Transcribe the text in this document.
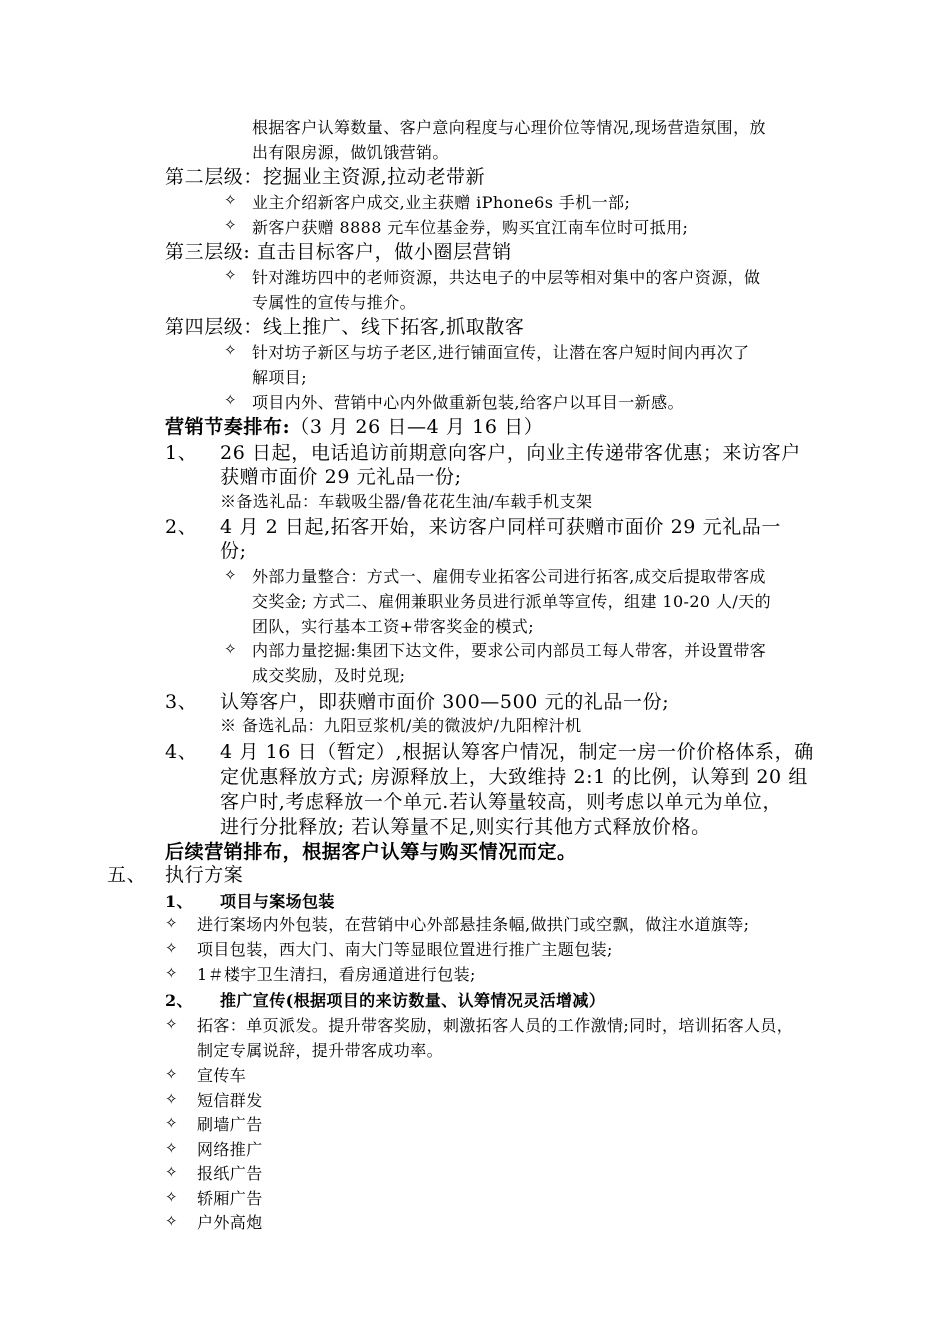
根据客户认筹数量、客户意向程度与心理价位等情况,现场营造氛围，放
出有限房源，做饥饿营销。
第二层级：挖掘业主资源,拉动老带新
✧ 业主介绍新客户成交,业主获赠 iPhone6s 手机一部;
✧ 新客户获赠 8888 元车位基金券，购买宜江南车位时可抵用;
第三层级: 直击目标客户，做小圈层营销
✧ 针对潍坊四中的老师资源，共达电子的中层等相对集中的客户资源，做
专属性的宣传与推介。
第四层级：线上推广、线下拓客,抓取散客
✧ 针对坊子新区与坊子老区,进行铺面宣传，让潜在客户短时间内再次了
解项目;
✧ 项目内外、营销中心内外做重新包装,给客户以耳目一新感。
营销节奏排布:（3 月 26 日—4 月 16 日）
1、 26 日起，电话追访前期意向客户，向业主传递带客优惠；来访客户
获赠市面价 29 元礼品一份;
※备选礼品：车载吸尘器/鲁花花生油/车载手机支架
2、 4 月 2 日起,拓客开始，来访客户同样可获赠市面价 29 元礼品一
份;
✧ 外部力量整合：方式一、雇佣专业拓客公司进行拓客,成交后提取带客成
交奖金; 方式二、雇佣兼职业务员进行派单等宣传，组建 10-20 人/天的
团队，实行基本工资+带客奖金的模式;
✧ 内部力量挖掘:集团下达文件，要求公司内部员工每人带客，并设置带客
成交奖励，及时兑现;
3、 认筹客户，即获赠市面价 300—500 元的礼品一份;
※ 备选礼品：九阳豆浆机/美的微波炉/九阳榨汁机
4、 4 月 16 日（暂定）,根据认筹客户情况，制定一房一价价格体系，确
定优惠释放方式; 房源释放上，大致维持 2:1 的比例，认筹到 20 组
客户时,考虑释放一个单元.若认筹量较高，则考虑以单元为单位，
进行分批释放; 若认筹量不足,则实行其他方式释放价格。
后续营销排布，根据客户认筹与购买情况而定。
五、 执行方案
1、 项目与案场包装
✧ 进行案场内外包装，在营销中心外部悬挂条幅,做拱门或空飘，做注水道旗等;
✧ 项目包装，西大门、南大门等显眼位置进行推广主题包装;
✧ 1＃楼宇卫生清扫，看房通道进行包装;
2、 推广宣传(根据项目的来访数量、认筹情况灵活增减）
✧ 拓客：单页派发。提升带客奖励，刺激拓客人员的工作激情;同时，培训拓客人员，
制定专属说辞，提升带客成功率。
✧ 宣传车
✧ 短信群发
✧ 刷墙广告
✧ 网络推广
✧ 报纸广告
✧ 轿厢广告
✧ 户外高炮
